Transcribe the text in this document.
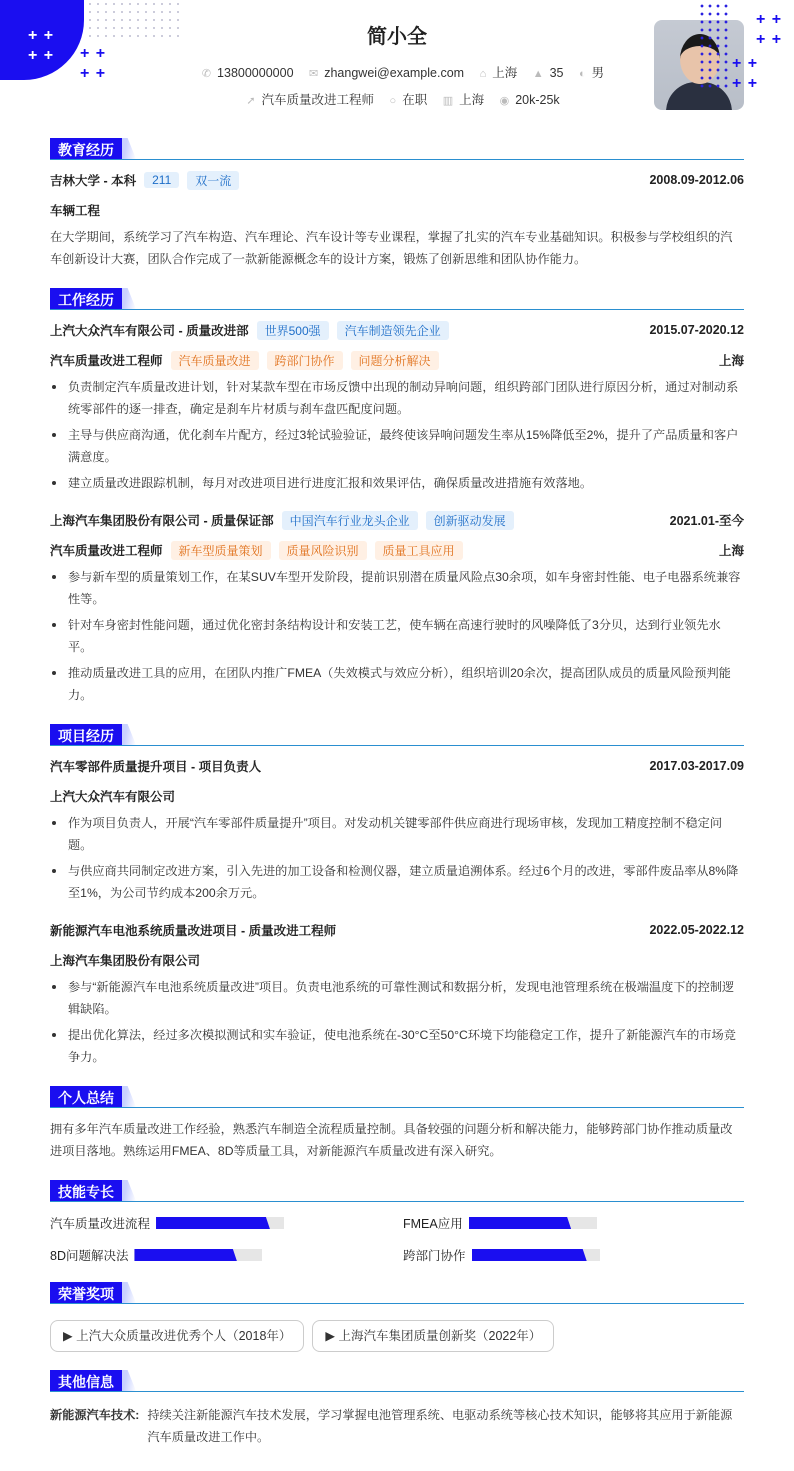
+ +
+ + + +
+ +
+ +
+ +
+ +
+ +
简小全
✆ 13800000000 ✉ zhangwei@example.com ⌂ 上海 ▲ 35 ◐ 男
➚ 汽车质量改进工程师 ○ 在职 ▥ 上海 ◉ 20k-25k
教育经历
吉林大学 - 本科	211	双一流	2008.09-2012.06
车辆工程
在大学期间，系统学习了汽车构造、汽车理论、汽车设计等专业课程，掌握了扎实的汽车专业基础知识。积极参与学校组织的汽车创新设计大赛，团队合作完成了一款新能源概念车的设计方案，锻炼了创新思维和团队协作能力。
工作经历
上汽大众汽车有限公司 - 质量改进部	世界500强	汽车制造领先企业	2015.07-2020.12
汽车质量改进工程师	汽车质量改进	跨部门协作	问题分析解决	上海
负责制定汽车质量改进计划，针对某款车型在市场反馈中出现的制动异响问题，组织跨部门团队进行原因分析，通过对制动系统零部件的逐一排查，确定是刹车片材质与刹车盘匹配度问题。
主导与供应商沟通，优化刹车片配方，经过3轮试验验证，最终使该异响问题发生率从15%降低至2%，提升了产品质量和客户满意度。
建立质量改进跟踪机制，每月对改进项目进行进度汇报和效果评估，确保质量改进措施有效落地。
上海汽车集团股份有限公司 - 质量保证部	中国汽车行业龙头企业	创新驱动发展	2021.01-至今
汽车质量改进工程师	新车型质量策划	质量风险识别	质量工具应用	上海
参与新车型的质量策划工作，在某SUV车型开发阶段，提前识别潜在质量风险点30余项，如车身密封性能、电子电器系统兼容性等。
针对车身密封性能问题，通过优化密封条结构设计和安装工艺，使车辆在高速行驶时的风噪降低了3分贝，达到行业领先水平。
推动质量改进工具的应用，在团队内推广FMEA（失效模式与效应分析），组织培训20余次，提高团队成员的质量风险预判能力。
项目经历
汽车零部件质量提升项目 - 项目负责人	2017.03-2017.09
上汽大众汽车有限公司
作为项目负责人，开展“汽车零部件质量提升”项目。对发动机关键零部件供应商进行现场审核，发现加工精度控制不稳定问题。
与供应商共同制定改进方案，引入先进的加工设备和检测仪器，建立质量追溯体系。经过6个月的改进，零部件废品率从8%降至1%，为公司节约成本200余万元。
新能源汽车电池系统质量改进项目 - 质量改进工程师	2022.05-2022.12
上海汽车集团股份有限公司
参与“新能源汽车电池系统质量改进”项目。负责电池系统的可靠性测试和数据分析，发现电池管理系统在极端温度下的控制逻辑缺陷。
提出优化算法，经过多次模拟测试和实车验证，使电池系统在-30°C至50°C环境下均能稳定工作，提升了新能源汽车的市场竞争力。
个人总结
拥有多年汽车质量改进工作经验，熟悉汽车制造全流程质量控制。具备较强的问题分析和解决能力，能够跨部门协作推动质量改进项目落地。熟练运用FMEA、8D等质量工具，对新能源汽车质量改进有深入研究。
技能专长
汽车质量改进流程	FMEA应用
8D问题解决法	跨部门协作
荣誉奖项
▶ 上汽大众质量改进优秀个人（2018年）	▶ 上海汽车集团质量创新奖（2022年）
其他信息
新能源汽车技术: 持续关注新能源汽车技术发展，学习掌握电池管理系统、电驱动系统等核心技术知识，能够将其应用于新能源汽车质量改进工作中。
